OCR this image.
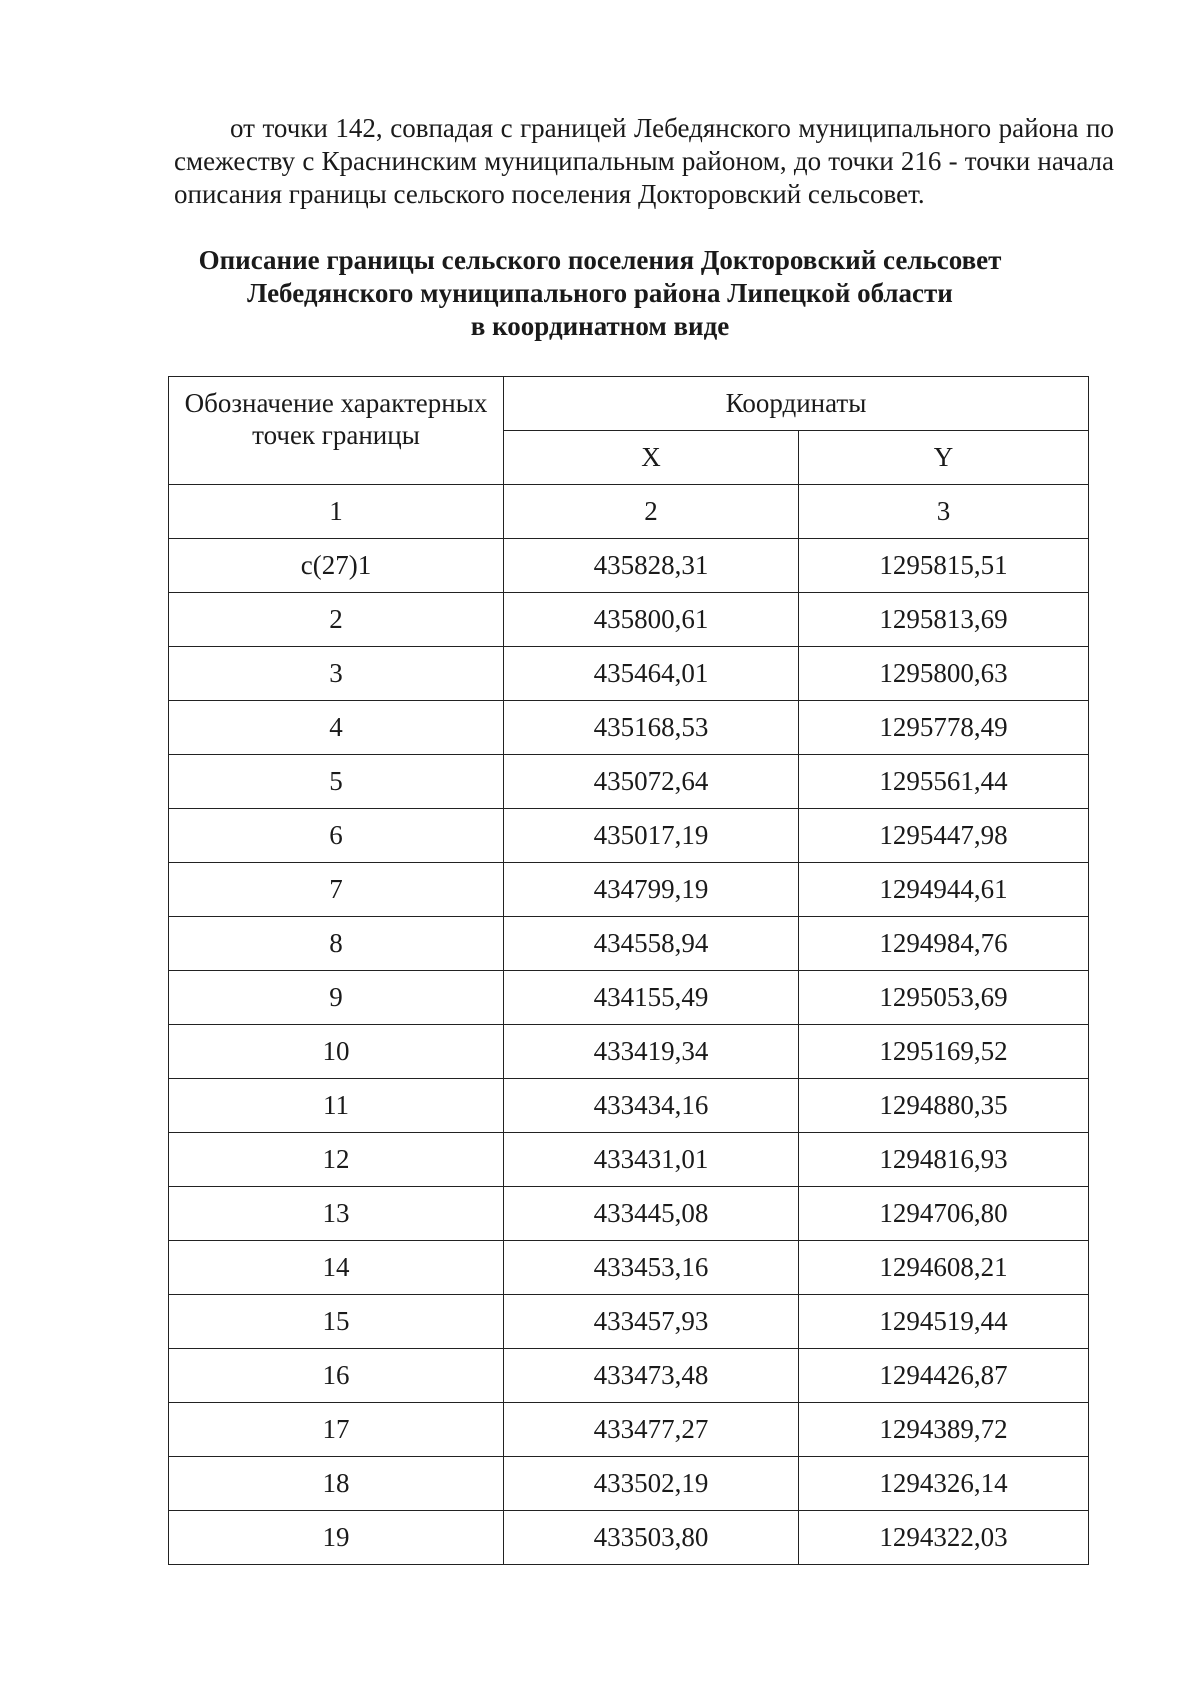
от точки 142, совпадая с границей Лебедянского муниципального района по смежеству с Краснинским муниципальным районом, до точки 216 - точки начала описания границы сельского поселения Докторовский сельсовет.

Описание границы сельского поселения Докторовский сельсовет
Лебедянского муниципального района Липецкой области
в координатном виде
Обозначение характерных точек границы	Координаты	
	X	Y
1	2	3
с(27)1	435828,31	1295815,51
2	435800,61	1295813,69
3	435464,01	1295800,63
4	435168,53	1295778,49
5	435072,64	1295561,44
6	435017,19	1295447,98
7	434799,19	1294944,61
8	434558,94	1294984,76
9	434155,49	1295053,69
10	433419,34	1295169,52
11	433434,16	1294880,35
12	433431,01	1294816,93
13	433445,08	1294706,80
14	433453,16	1294608,21
15	433457,93	1294519,44
16	433473,48	1294426,87
17	433477,27	1294389,72
18	433502,19	1294326,14
19	433503,80	1294322,03
